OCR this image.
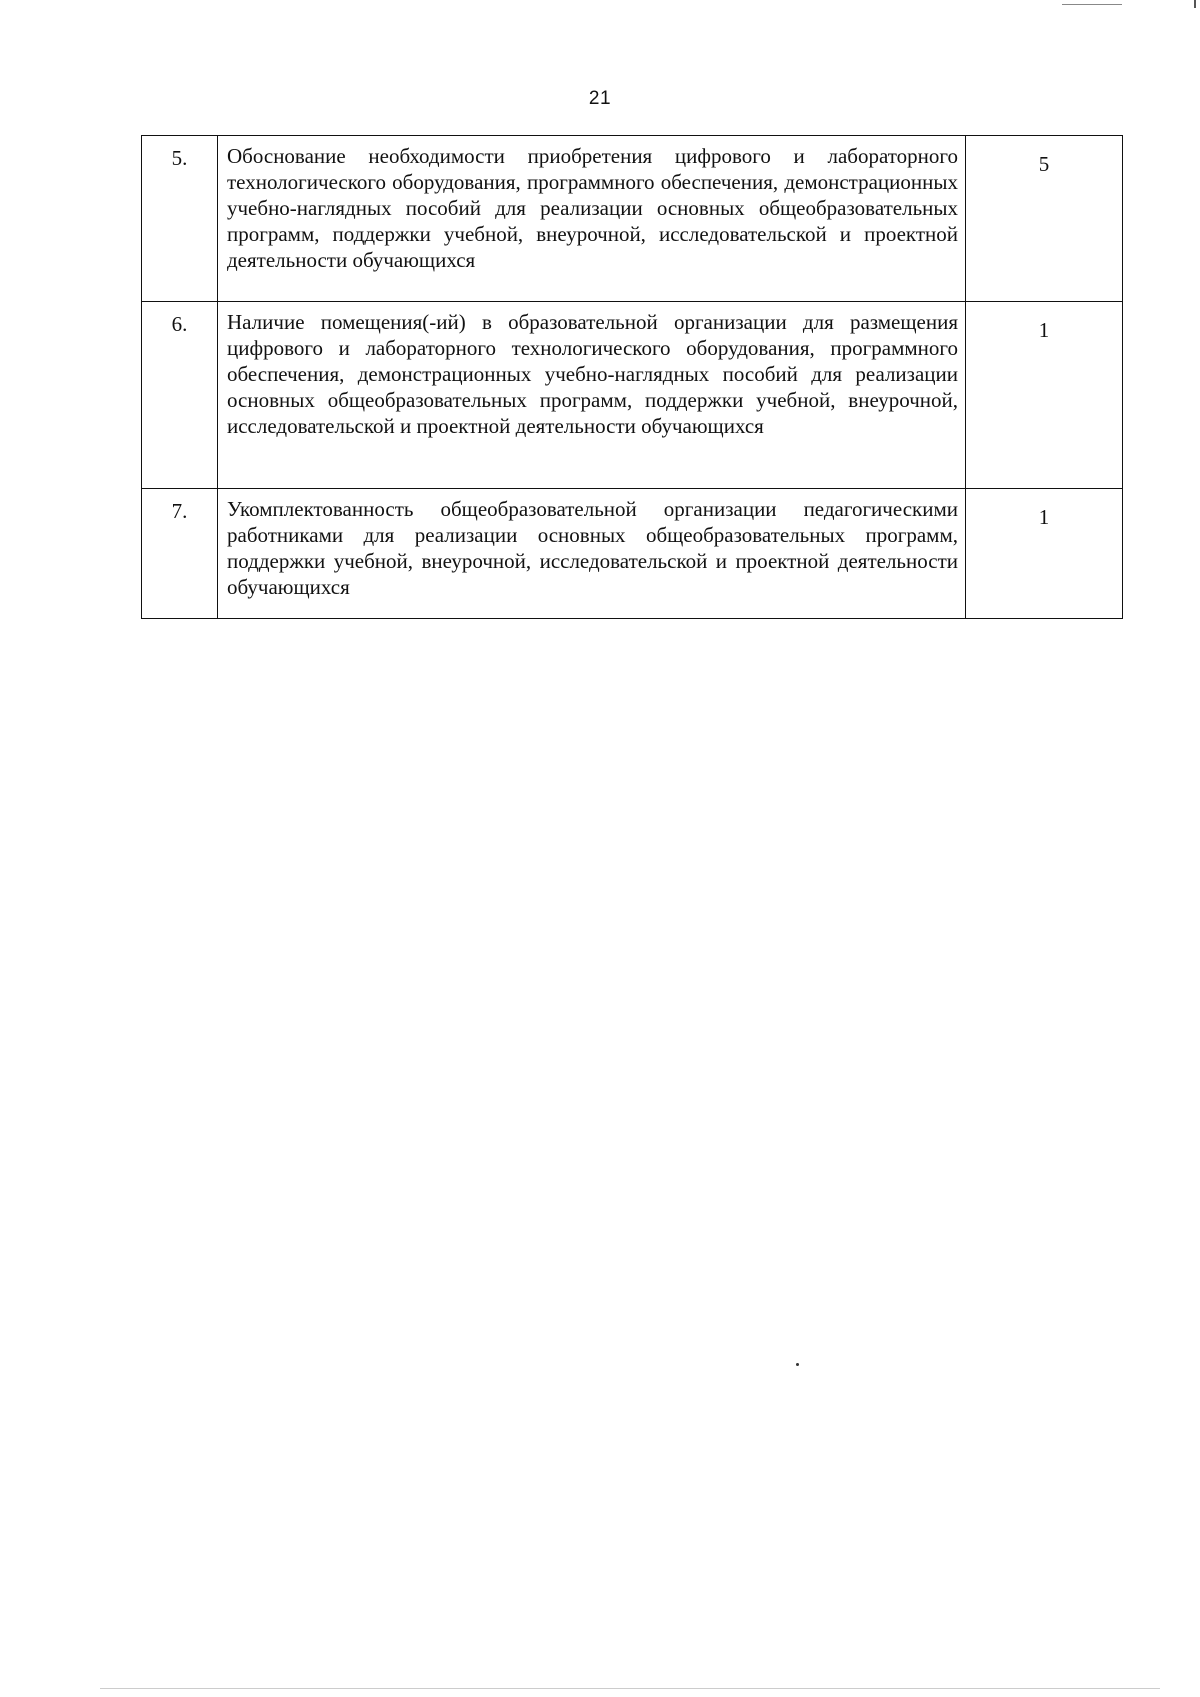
21
5.	Обоснование необходимости приобретения цифрового и лабораторного технологического оборудования, программного обеспечения, демонстрационных учебно-наглядных пособий для реализации основных общеобразовательных программ, поддержки учебной, внеурочной, исследовательской и проектной деятельности обучающихся	5
6.	Наличие помещения(-ий) в образовательной организации для размещения цифрового и лабораторного технологического оборудования, программного обеспечения, демонстрационных учебно-наглядных пособий для реализации основных общеобразовательных программ, поддержки учебной, внеурочной, исследовательской и проектной деятельности обучающихся	1
7.	Укомплектованность общеобразовательной организации педагогическими работниками для реализации основных общеобразовательных программ, поддержки учебной, внеурочной, исследовательской и проектной деятельности обучающихся	1
